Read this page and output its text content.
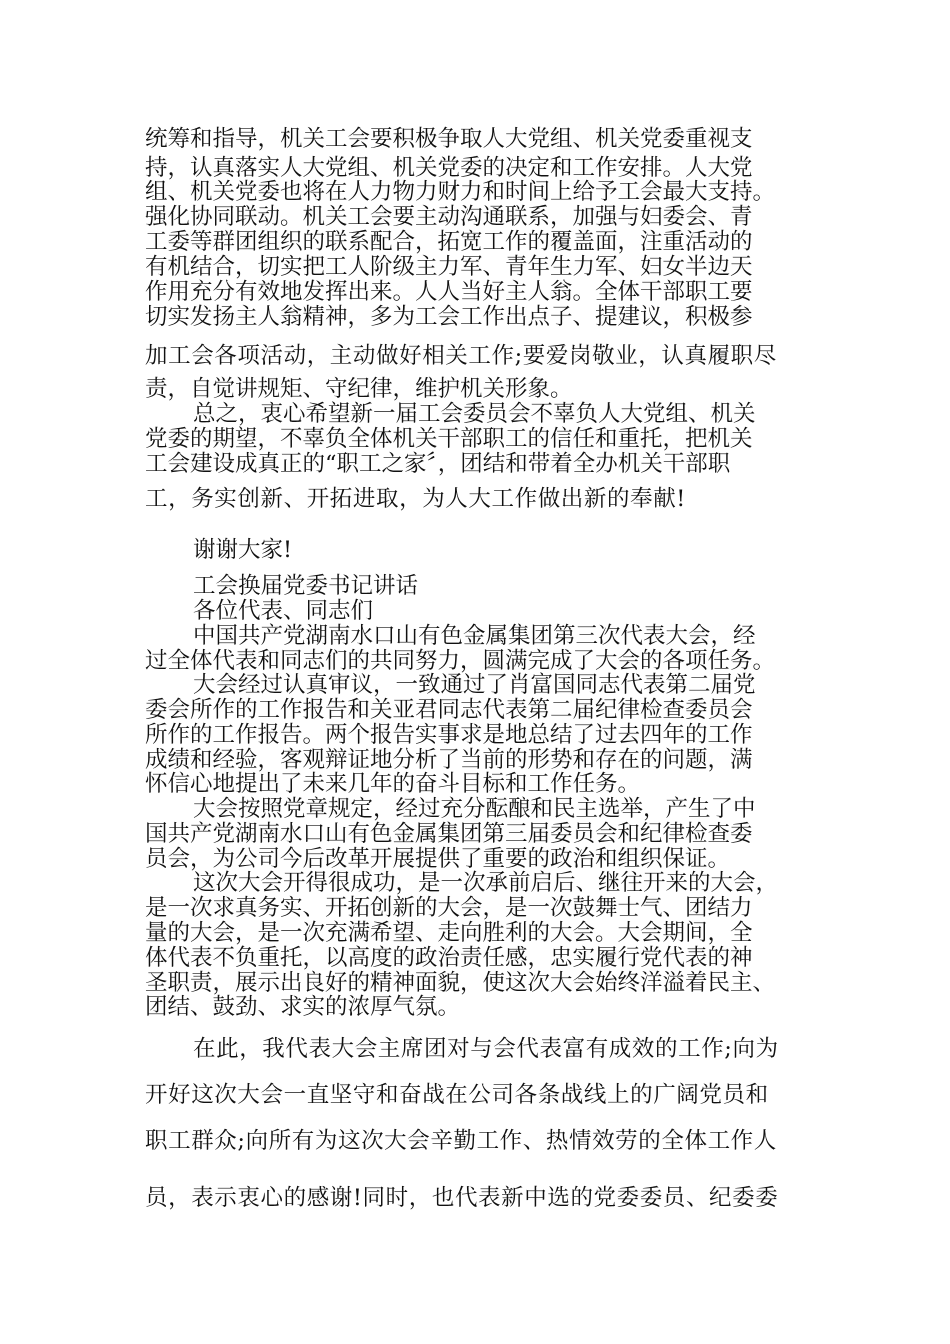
统筹和指导，机关工会要积极争取人大党组、机关党委重视支
持，认真落实人大党组、机关党委的决定和工作安排。人大党
组、机关党委也将在人力物力财力和时间上给予工会最大支持。
强化协同联动。机关工会要主动沟通联系，加强与妇委会、青
工委等群团组织的联系配合，拓宽工作的覆盖面，注重活动的
有机结合，切实把工人阶级主力军、青年生力军、妇女半边天
作用充分有效地发挥出来。人人当好主人翁。全体干部职工要
切实发扬主人翁精神，多为工会工作出点子、提建议，积极参
加工会各项活动，主动做好相关工作;要爱岗敬业，认真履职尽
责，自觉讲规矩、守纪律，维护机关形象。
总之，衷心希望新一届工会委员会不辜负人大党组、机关
党委的期望，不辜负全体机关干部职工的信任和重托，把机关
工会建设成真正的“职工之家〞，团结和带着全办机关干部职
工，务实创新、开拓进取，为人大工作做出新的奉献!
谢谢大家!
工会换届党委书记讲话
各位代表、同志们
中国共产党湖南水口山有色金属集团第三次代表大会，经
过全体代表和同志们的共同努力，圆满完成了大会的各项任务。
大会经过认真审议，一致通过了肖富国同志代表第二届党
委会所作的工作报告和关亚君同志代表第二届纪律检查委员会
所作的工作报告。两个报告实事求是地总结了过去四年的工作
成绩和经验，客观辩证地分析了当前的形势和存在的问题，满
怀信心地提出了未来几年的奋斗目标和工作任务。
大会按照党章规定，经过充分酝酿和民主选举，产生了中
国共产党湖南水口山有色金属集团第三届委员会和纪律检查委
员会，为公司今后改革开展提供了重要的政治和组织保证。
这次大会开得很成功，是一次承前启后、继往开来的大会，
是一次求真务实、开拓创新的大会，是一次鼓舞士气、团结力
量的大会，是一次充满希望、走向胜利的大会。大会期间，全
体代表不负重托，以高度的政治责任感，忠实履行党代表的神
圣职责，展示出良好的精神面貌，使这次大会始终洋溢着民主、
团结、鼓劲、求实的浓厚气氛。
在此，我代表大会主席团对与会代表富有成效的工作;向为
开好这次大会一直坚守和奋战在公司各条战线上的广阔党员和
职工群众;向所有为这次大会辛勤工作、热情效劳的全体工作人
员，表示衷心的感谢!同时，也代表新中选的党委委员、纪委委
